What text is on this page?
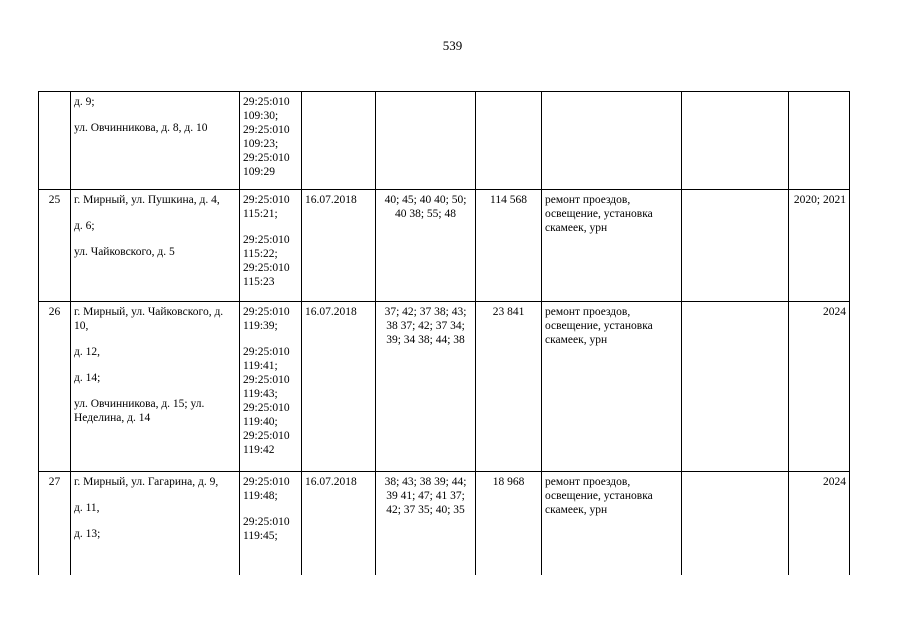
539

	д. 9;
ул. Овчинникова, д. 8, д. 10	29:25:010 109:30;
29:25:010 109:23;
29:25:010 109:29						

25	г. Мирный, ул. Пушкина, д. 4,
д. 6;
ул. Чайковского, д. 5	29:25:010 115:21;
29:25:010 115:22;
29:25:010 115:23	16.07.2018	40; 45; 40 40; 50; 40 38; 55; 48	114 568	ремонт проездов, освещение, установка скамеек, урн		2020; 2021
26	г. Мирный, ул. Чайковского, д. 10,
д. 12,
д. 14;
ул. Овчинникова, д. 15; ул. Неделина, д. 14	29:25:010 119:39;
29:25:010 119:41;
29:25:010 119:43;
29:25:010 119:40;
29:25:010 119:42	16.07.2018	37; 42; 37 38; 43; 38 37; 42; 37 34; 39; 34 38; 44; 38	23 841	ремонт проездов, освещение, установка скамеек, урн		2024
27	г. Мирный, ул. Гагарина, д. 9,
д. 11,
д. 13;	29:25:010 119:48;
29:25:010 119:45;	16.07.2018	38; 43; 38 39; 44; 39 41; 47; 41 37; 42; 37 35; 40; 35	18 968	ремонт проездов, освещение, установка скамеек, урн		2024
